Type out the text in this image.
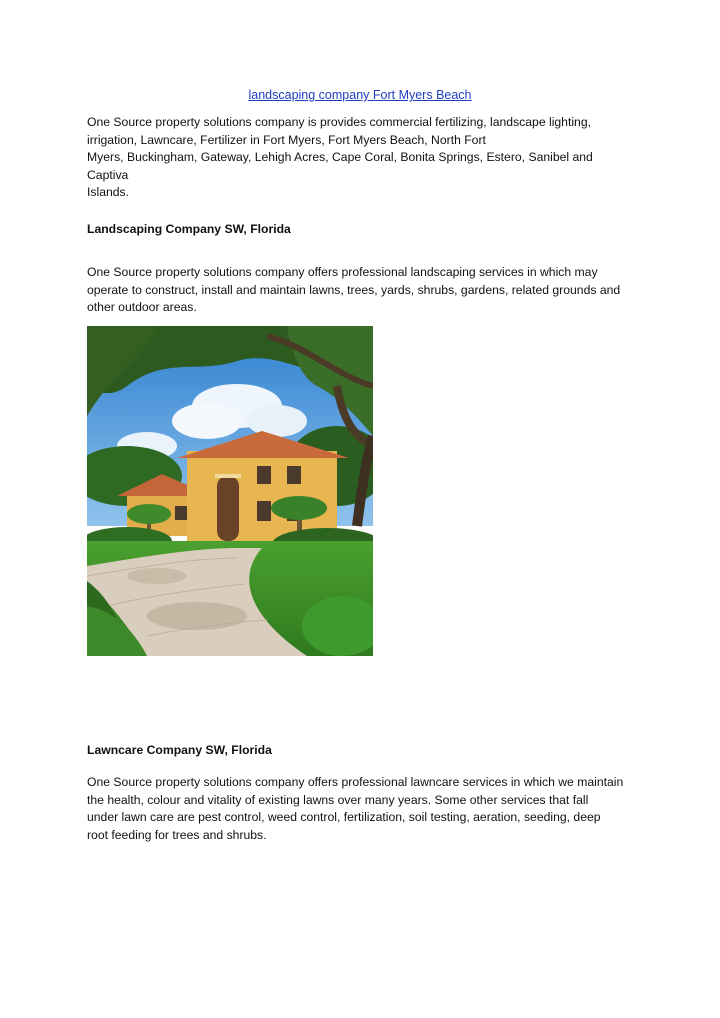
landscaping company Fort Myers Beach

One Source property solutions company is provides commercial fertilizing, landscape lighting,
irrigation, Lawncare, Fertilizer in Fort Myers, Fort Myers Beach, North Fort
Myers, Buckingham, Gateway, Lehigh Acres, Cape Coral, Bonita Springs, Estero, Sanibel and Captiva
Islands.

Landscaping Company SW, Florida

One Source property solutions company offers professional landscaping services in which may
operate to construct, install and maintain lawns, trees, yards, shrubs, gardens, related grounds and
other outdoor areas.

Lawncare Company SW, Florida

One Source property solutions company offers professional lawncare services in which we maintain
the health, colour and vitality of existing lawns over many years. Some other services that fall
under lawn care are pest control, weed control, fertilization, soil testing, aeration, seeding, deep
root feeding for trees and shrubs.
